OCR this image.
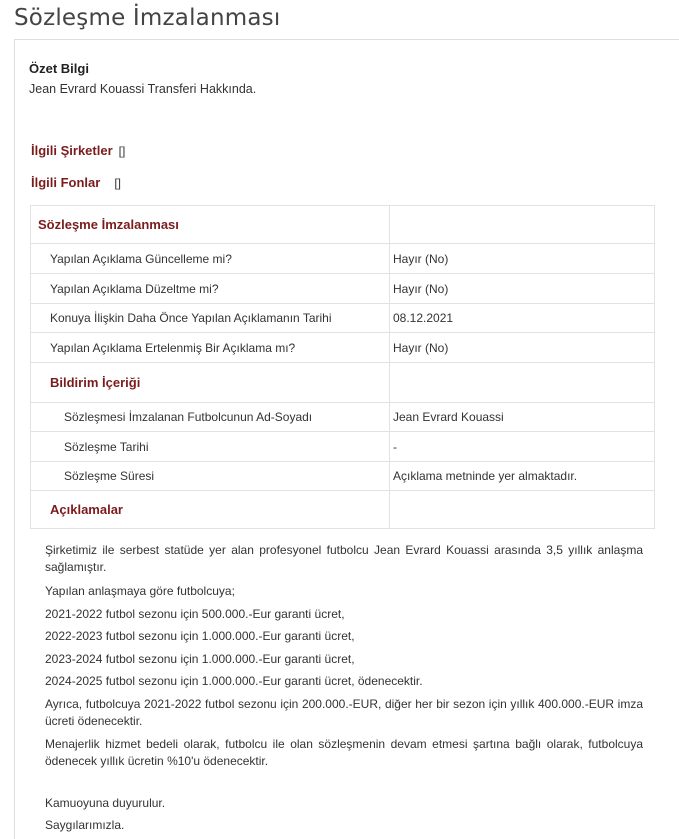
Sözleşme İmzalanması
Özet Bilgi
Jean Evrard Kouassi Transferi Hakkında.
İlgili Şirketler []
İlgili Fonlar []
Sözleşme İmzalanması
Yapılan Açıklama Güncelleme mi?	Hayır (No)
Yapılan Açıklama Düzeltme mi?	Hayır (No)
Konuya İlişkin Daha Önce Yapılan Açıklamanın Tarihi	08.12.2021
Yapılan Açıklama Ertelenmiş Bir Açıklama mı?	Hayır (No)
Bildirim İçeriği
Sözleşmesi İmzalanan Futbolcunun Ad-Soyadı	Jean Evrard Kouassi
Sözleşme Tarihi	-
Sözleşme Süresi	Açıklama metninde yer almaktadır.
Açıklamalar
Şirketimiz ile serbest statüde yer alan profesyonel futbolcu Jean Evrard Kouassi arasında 3,5 yıllık anlaşma sağlamıştır.
Yapılan anlaşmaya göre futbolcuya;
2021-2022 futbol sezonu için 500.000.-Eur garanti ücret,
2022-2023 futbol sezonu için 1.000.000.-Eur garanti ücret,
2023-2024 futbol sezonu için 1.000.000.-Eur garanti ücret,
2024-2025 futbol sezonu için 1.000.000.-Eur garanti ücret, ödenecektir.
Ayrıca, futbolcuya 2021-2022 futbol sezonu için 200.000.-EUR, diğer her bir sezon için yıllık 400.000.-EUR imza ücreti ödenecektir.
Menajerlik hizmet bedeli olarak, futbolcu ile olan sözleşmenin devam etmesi şartına bağlı olarak, futbolcuya ödenecek yıllık ücretin %10'u ödenecektir.
Kamuoyuna duyurulur.
Saygılarımızla.
